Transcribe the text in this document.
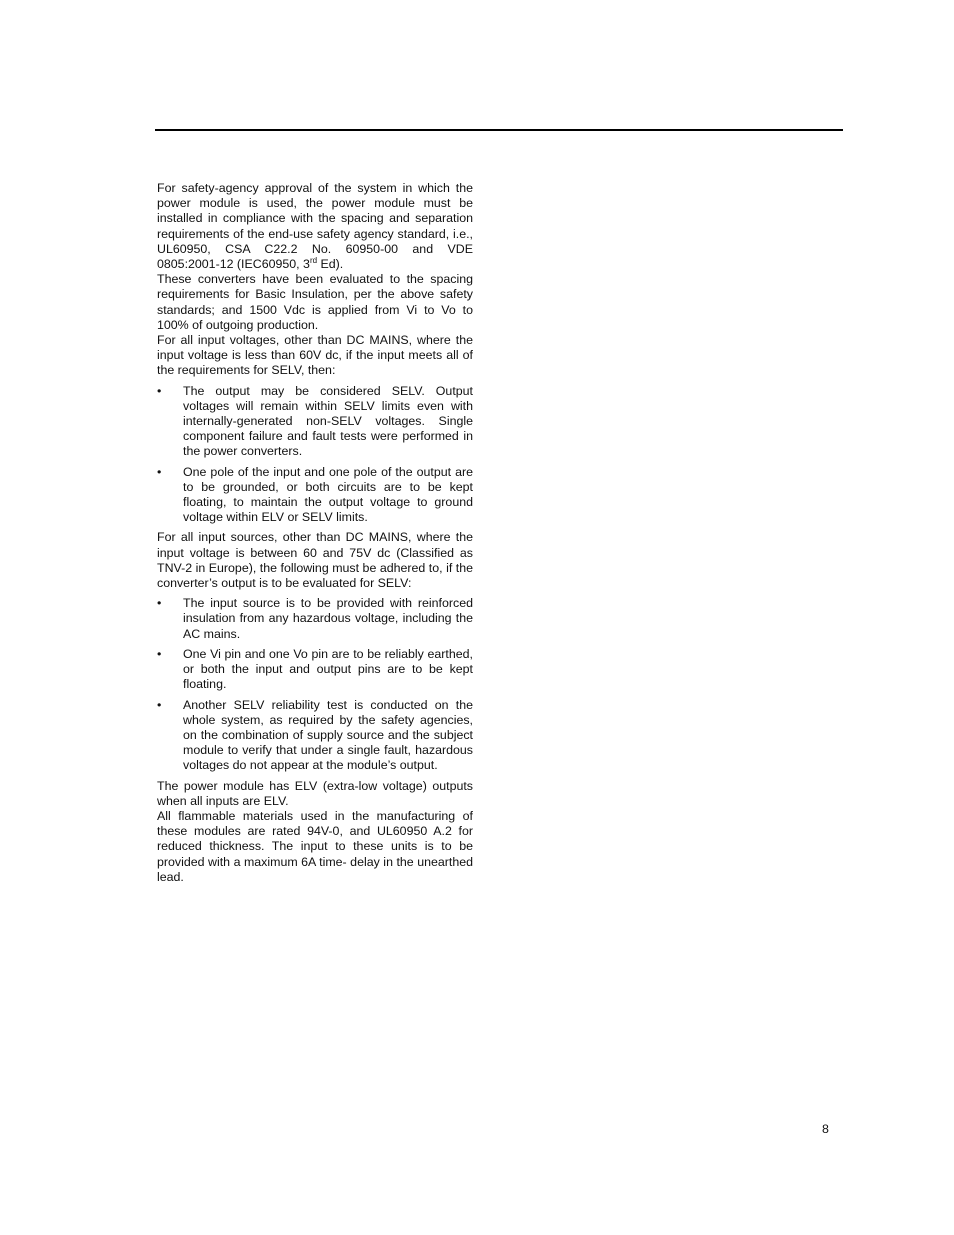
For safety-agency approval of the system in which the power module is used, the power module must be installed in compliance with the spacing and separation requirements of the end-use safety agency standard, i.e., UL60950, CSA C22.2 No. 60950-00 and VDE 0805:2001-12 (IEC60950, 3rd Ed).

These converters have been evaluated to the spacing requirements for Basic Insulation, per the above safety standards; and 1500 Vdc is applied from Vi to Vo to 100% of outgoing production.

For all input voltages, other than DC MAINS, where the input voltage is less than 60V dc, if the input meets all of the requirements for SELV, then:

•	The output may be considered SELV. Output voltages will remain within SELV limits even with internally-generated non-SELV voltages. Single component failure and fault tests were performed in the power converters.
•	One pole of the input and one pole of the output are to be grounded, or both circuits are to be kept floating, to maintain the output voltage to ground voltage within ELV or SELV limits.

For all input sources, other than DC MAINS, where the input voltage is between 60 and 75V dc (Classified as TNV-2 in Europe), the following must be adhered to, if the converter’s output is to be evaluated for SELV:

•	The input source is to be provided with reinforced insulation from any hazardous voltage, including the AC mains.
•	One Vi pin and one Vo pin are to be reliably earthed, or both the input and output pins are to be kept floating.
•	Another SELV reliability test is conducted on the whole system, as required by the safety agencies, on the combination of supply source and the subject module to verify that under a single fault, hazardous voltages do not appear at the module’s output.

The power module has ELV (extra-low voltage) outputs when all inputs are ELV.

All flammable materials used in the manufacturing of these modules are rated 94V-0, and UL60950 A.2 for reduced thickness. The input to these units is to be provided with a maximum 6A time- delay in the unearthed lead.

8
